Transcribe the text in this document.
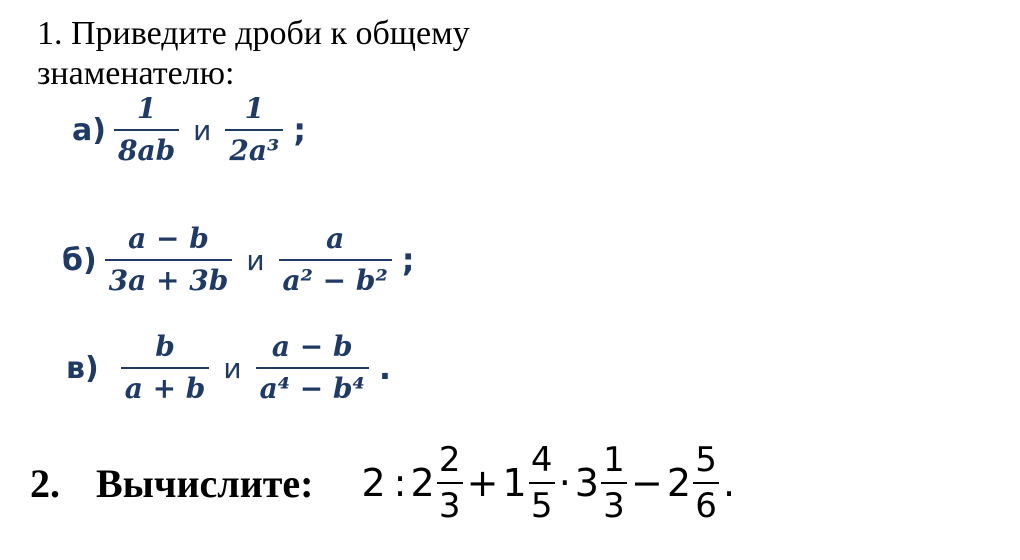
1. Приведите дроби к общему
знаменателю:
$а) \frac{1}{8ab}$ и $\frac{1}{\text{2a³}}$ ;
$б) \frac{a - b}{3a + 3b}$ и $\frac{a}{\text{a² − b²}}$ ;
$в) \frac{b}{a + b}$ и $\frac{a - b}{\text{a⁴ − b⁴}}$ .
2. Вычислите: 2 : 2
2
3
+ 1
4
5
· 3
1
3
− 2
5
6
.
